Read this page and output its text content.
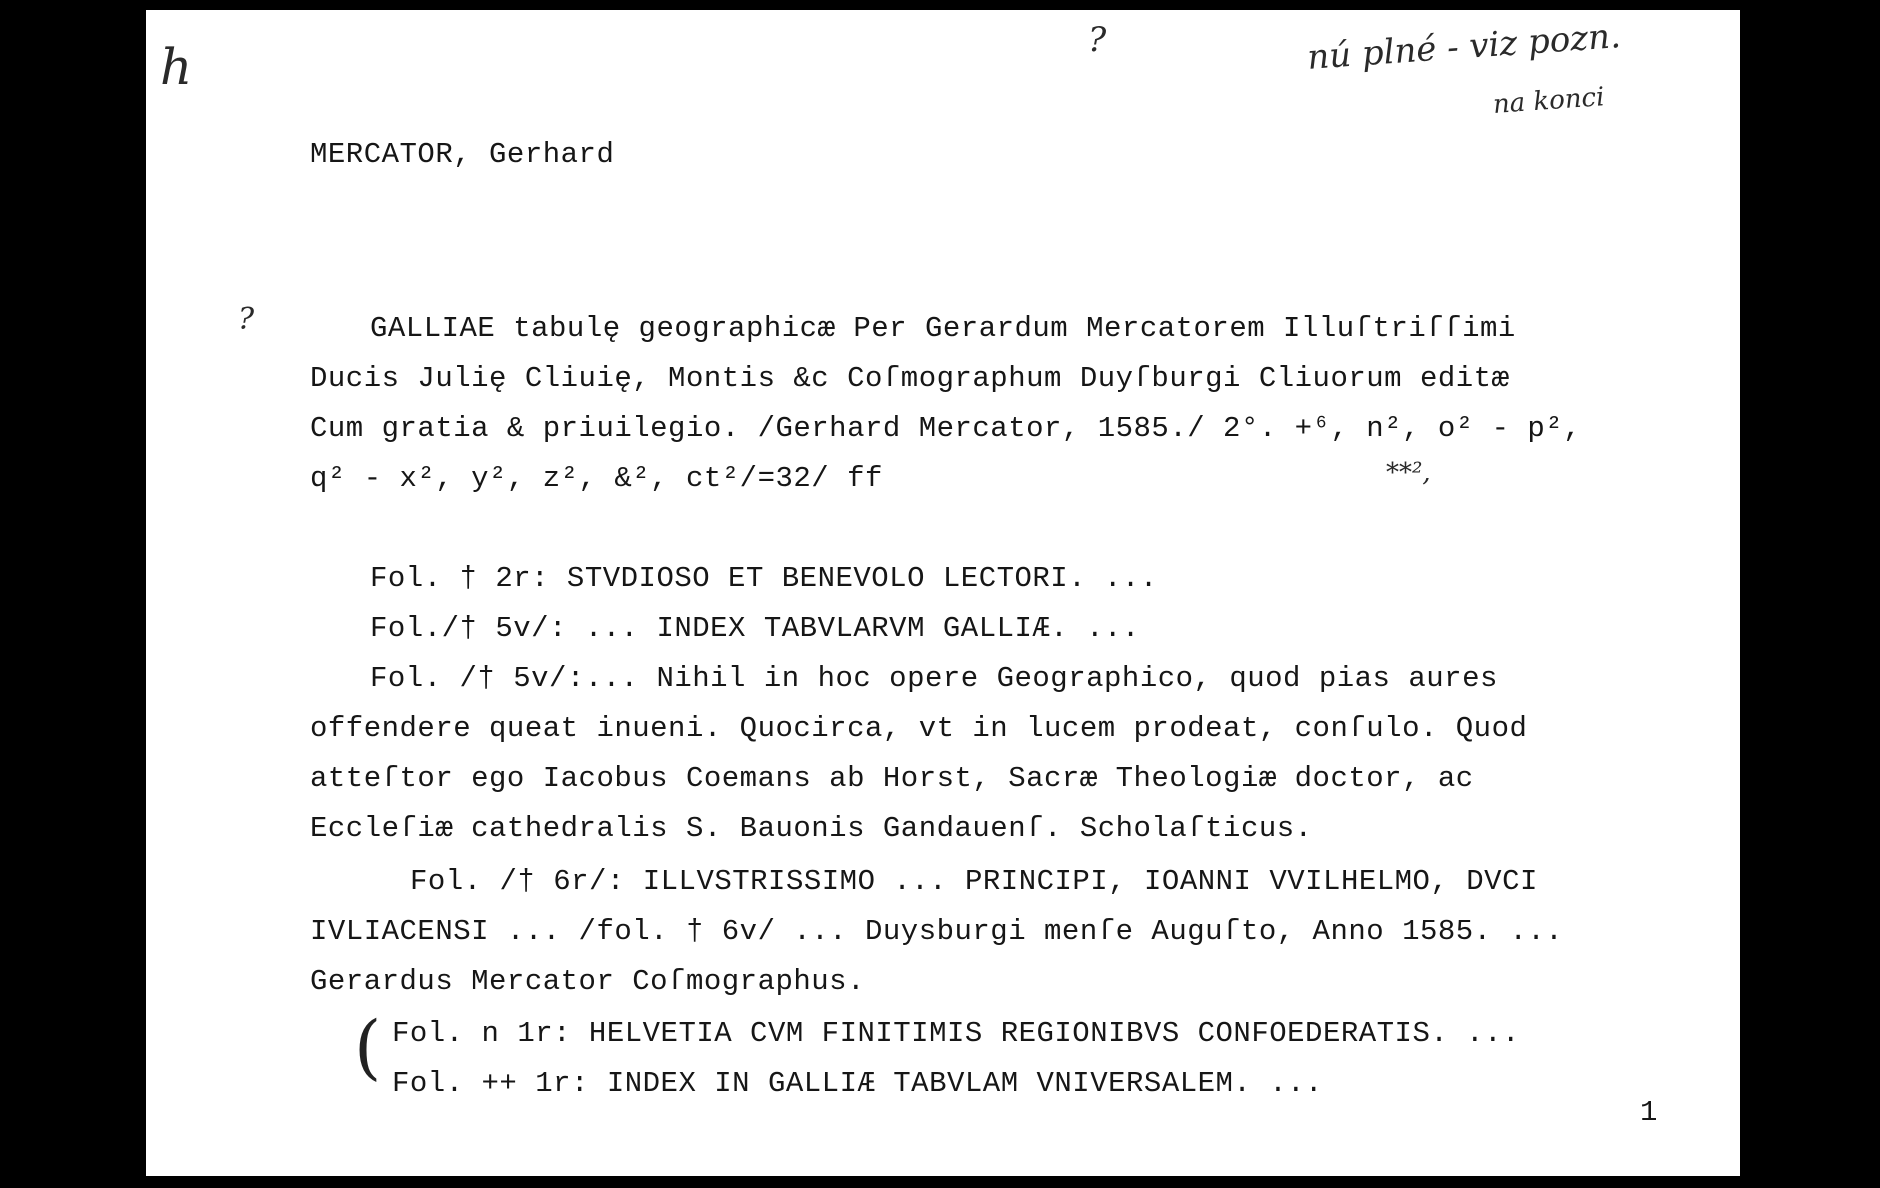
h	?	nú plné - viz pozn.
na konci
?
MERCATOR, Gerhard
GALLIAE tabulę geographicæ Per Gerardum Mercatorem Illuſtriſſimi
Ducis Julię Cliuię, Montis &c Coſmographum Duyſburgi Cliuorum editæ
Cum gratia & priuilegio. /Gerhard Mercator, 1585./ 2°. +⁶, n², o² - p²,
q² - x², y², z², &², ct²/=32/ ff	**²,
Fol. † 2r: STVDIOSO ET BENEVOLO LECTORI. ...
Fol./† 5v/: ... INDEX TABVLARVM GALLIÆ. ...
Fol. /† 5v/:... Nihil in hoc opere Geographico, quod pias aures
offendere queat inueni. Quocirca, vt in lucem prodeat, conſulo. Quod
atteſtor ego Iacobus Coemans ab Horst, Sacræ Theologiæ doctor, ac
Eccleſiæ cathedralis S. Bauonis Gandauenſ. Scholaſticus.
Fol. /† 6r/: ILLVSTRISSIMO ... PRINCIPI, IOANNI VVILHELMO, DVCI
IVLIACENSI ... /fol. † 6v/ ... Duysburgi menſe Auguſto, Anno 1585. ...
Gerardus Mercator Coſmographus.
( Fol. n 1r: HELVETIA CVM FINITIMIS REGIONIBVS CONFOEDERATIS. ...
Fol. ++ 1r: INDEX IN GALLIÆ TABVLAM VNIVERSALEM. ...
1
